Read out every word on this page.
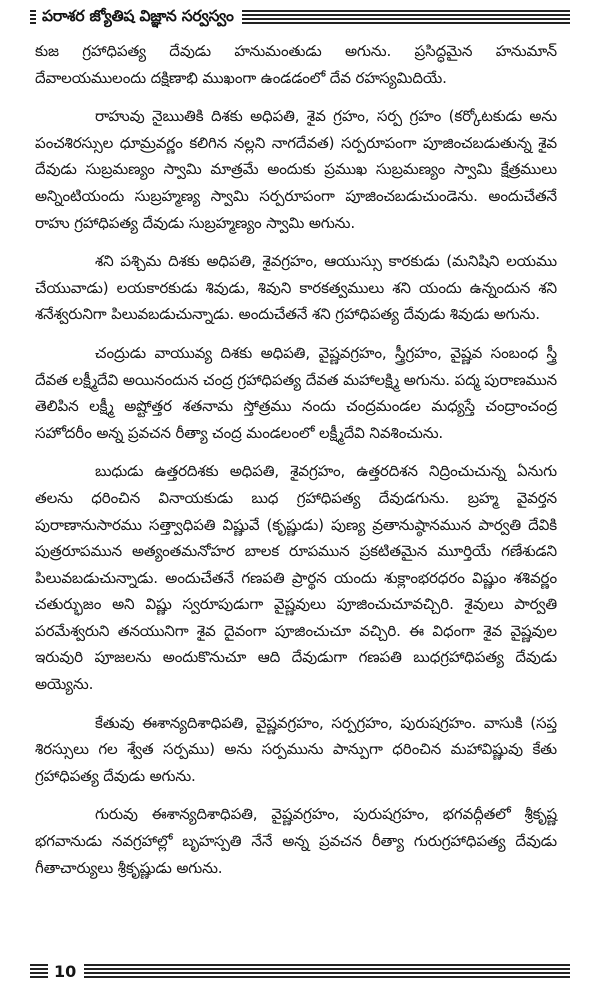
పరాశర జ్యోతిష విజ్ఞాన సర్వస్వం

కుజ గ్రహాధిపత్య దేవుడు హనుమంతుడు అగును. ప్రసిద్ధమైన హనుమాన్ దేవాలయములందు దక్షిణాభి ముఖంగా ఉండడంలో దేవ రహస్యమిదియే.

రాహువు నైఋతికి దిశకు అధిపతి, శైవ గ్రహం, సర్ప గ్రహం (కర్కోటకుడు అను పంచశిరస్సుల ధూమ్రవర్ణం కలిగిన నల్లని నాగదేవత) సర్పరూపంగా పూజించబడుతున్న శైవ దేవుడు సుబ్రమణ్యం స్వామి మాత్రమే అందుకు ప్రముఖ సుబ్రమణ్యం స్వామి క్షేత్రములు అన్నింటియందు సుబ్రహ్మణ్య స్వామి సర్పరూపంగా పూజించబడుచుండెను. అందుచేతనే రాహు గ్రహాధిపత్య దేవుడు సుబ్రహ్మణ్యం స్వామి అగును.

శని పశ్చిమ దిశకు అధిపతి, శైవగ్రహం, ఆయుస్సు కారకుడు (మనిషిని లయము చేయువాడు) లయకారకుడు శివుడు, శివుని కారకత్వములు శని యందు ఉన్నందున శని శనేశ్వరునిగా పిలువబడుచున్నాడు. అందుచేతనే శని గ్రహాధిపత్య దేవుడు శివుడు అగును.

చంద్రుడు వాయువ్య దిశకు అధిపతి, వైష్ణవగ్రహం, స్త్రీగ్రహం, వైష్ణవ సంబంధ స్త్రీ దేవత లక్ష్మీదేవి అయినందున చంద్ర గ్రహాధిపత్య దేవత మహాలక్ష్మి అగును. పద్మ పురాణమున తెలిపిన లక్ష్మీ అష్టోత్తర శతనామ స్తోత్రము నందు చంద్రమండల మధ్యస్తే చంద్రాంచంద్ర సహోదరీం అన్న ప్రవచన రీత్యా చంద్ర మండలంలో లక్ష్మీదేవి నివశించును.

బుధుడు ఉత్తరదిశకు అధిపతి, శైవగ్రహం, ఉత్తరదిశన నిద్రించుచున్న ఏనుగు తలను ధరించిన వినాయకుడు బుధ గ్రహాధిపత్య దేవుడగును. బ్రహ్మ వైవర్తన పురాణానుసారము సత్త్వాధిపతి విష్ణువే (కృష్ణుడు) పుణ్య వ్రతానుష్ఠానమున పార్వతి దేవికి పుత్రరూపమున అత్యంతమనోహర బాలక రూపమున ప్రకటితమైన మూర్తియే గణేశుడని పిలువబడుచున్నాడు. అందుచేతనే గణపతి ప్రార్థన యందు శుక్లాంభరధరం విష్ణుం శశివర్ణం చతుర్భుజం అని విష్ణు స్వరూపుడుగా వైష్ణవులు పూజించుచూవచ్చిరి. శైవులు పార్వతి పరమేశ్వరుని తనయునిగా శైవ దైవంగా పూజించుచూ వచ్చిరి. ఈ విధంగా శైవ వైష్ణవుల ఇరువురి పూజలను అందుకొనుచూ ఆది దేవుడుగా గణపతి బుధగ్రహాధిపత్య దేవుడు అయ్యెను.

కేతువు ఈశాన్యదిశాధిపతి, వైష్ణవగ్రహం, సర్పగ్రహం, పురుషగ్రహం. వాసుకి (సప్త శిరస్సులు గల శ్వేత సర్పము) అను సర్పమును పాన్పుగా ధరించిన మహావిష్ణువు కేతు గ్రహాధిపత్య దేవుడు అగును.

గురువు ఈశాన్యదిశాధిపతి, వైష్ణవగ్రహం, పురుషగ్రహం, భగవద్గీతలో శ్రీకృష్ణ భగవానుడు నవగ్రహాల్లో బృహస్పతి నేనే అన్న ప్రవచన రీత్యా గురుగ్రహాధిపత్య దేవుడు గీతాచార్యులు శ్రీకృష్ణుడు అగును.

10
